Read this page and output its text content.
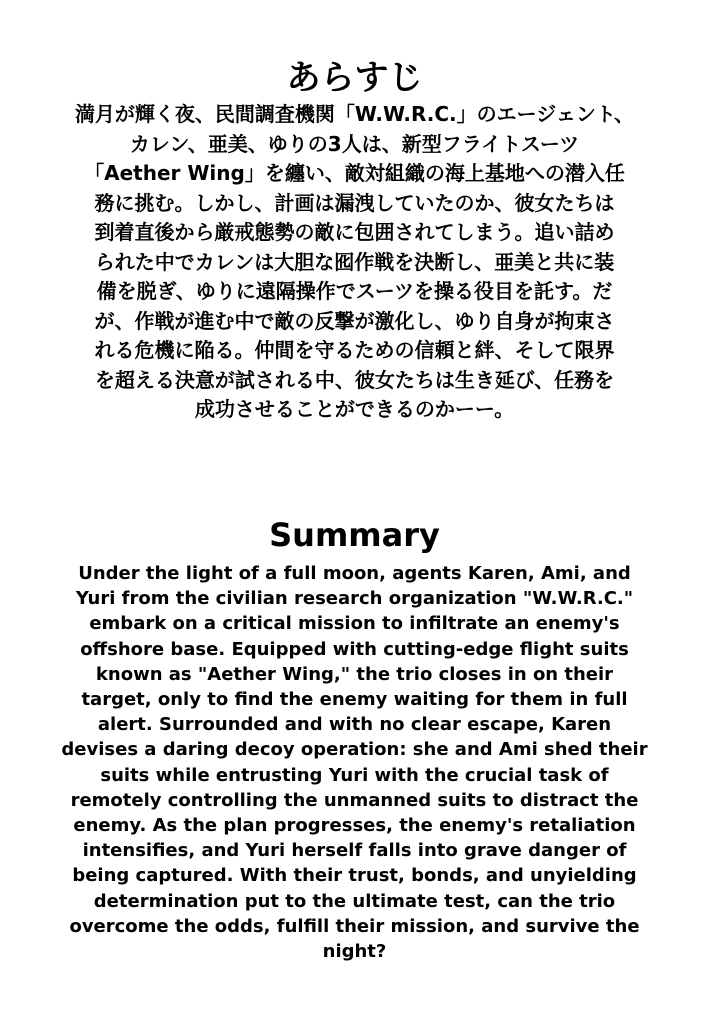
あらすじ
満月が輝く夜、民間調査機関「W.W.R.C.」のエージェント、
カレン、亜美、ゆりの3人は、新型フライトスーツ
「Aether Wing」を纏い、敵対組織の海上基地への潜入任
務に挑む。しかし、計画は漏洩していたのか、彼女たちは
到着直後から厳戒態勢の敵に包囲されてしまう。追い詰め
られた中でカレンは大胆な囮作戦を決断し、亜美と共に装
備を脱ぎ、ゆりに遠隔操作でスーツを操る役目を託す。だ
が、作戦が進む中で敵の反撃が激化し、ゆり自身が拘束さ
れる危機に陥る。仲間を守るための信頼と絆、そして限界
を超える決意が試される中、彼女たちは生き延び、任務を
成功させることができるのかーー。
Summary
Under the light of a full moon, agents Karen, Ami, and
Yuri from the civilian research organization "W.W.R.C."
embark on a critical mission to infiltrate an enemy's
offshore base. Equipped with cutting-edge flight suits
known as "Aether Wing," the trio closes in on their
target, only to find the enemy waiting for them in full
alert. Surrounded and with no clear escape, Karen
devises a daring decoy operation: she and Ami shed their
suits while entrusting Yuri with the crucial task of
remotely controlling the unmanned suits to distract the
enemy. As the plan progresses, the enemy's retaliation
intensifies, and Yuri herself falls into grave danger of
being captured. With their trust, bonds, and unyielding
determination put to the ultimate test, can the trio
overcome the odds, fulfill their mission, and survive the
night?
